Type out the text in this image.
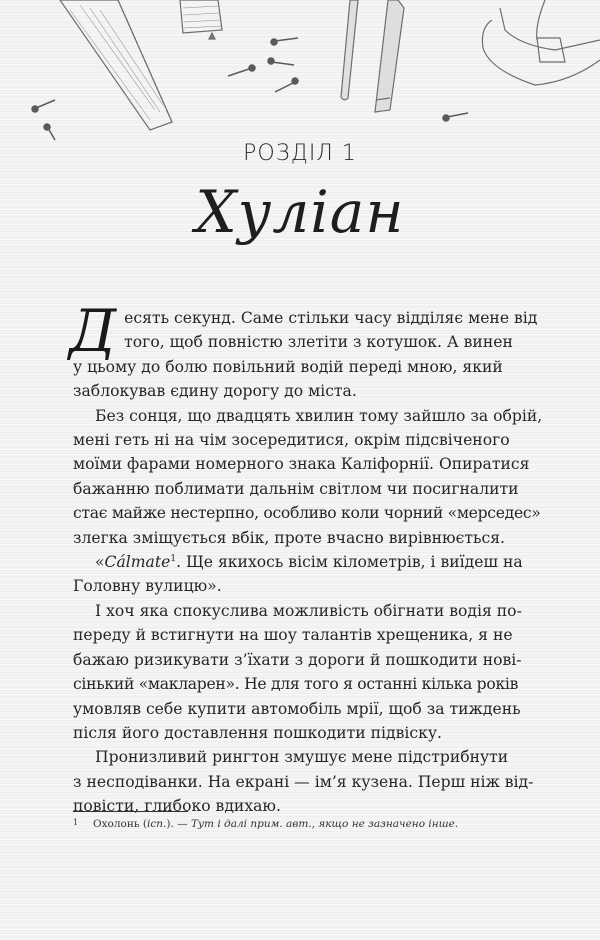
РОЗДІЛ 1
Хуліан

Д есять секунд. Саме стільки часу відділяє мене від
того, щоб повністю злетіти з котушок. А винен
у цьому до болю повільний водій переді мною, який
заблокував єдину дорогу до міста.

Без сонця, що двадцять хвилин тому зайшло за обрій,
мені геть ні на чім зосередитися, окрім підсвіченого
моїми фарами номерного знака Каліфорнії. Опиратися
бажанню поблимати дальнім світлом чи посигналити
стає майже нестерпно, особливо коли чорний «мерседес»
злегка зміщується вбік, проте вчасно вирівнюється.

«Cálmate$^1$. Ще якихось вісім кілометрів, і виїдеш на
Головну вулицю».

І хоч яка спокуслива можливість обігнати водія по-
переду й встигнути на шоу талантів хрещеника, я не
бажаю ризикувати з’їхати з дороги й пошкодити нові-
сінький «макларен». Не для того я останні кілька років
умовляв себе купити автомобіль мрії, щоб за тиждень
після його доставлення пошкодити підвіску.

Пронизливий рингтон змушує мене підстрибнути
з несподіванки. На екрані — ім’я кузена. Перш ніж від-
повісти, глибоко вдихаю.

1 Охолонь (ісп.). — Тут і далі прим. авт., якщо не зазначено інше.
